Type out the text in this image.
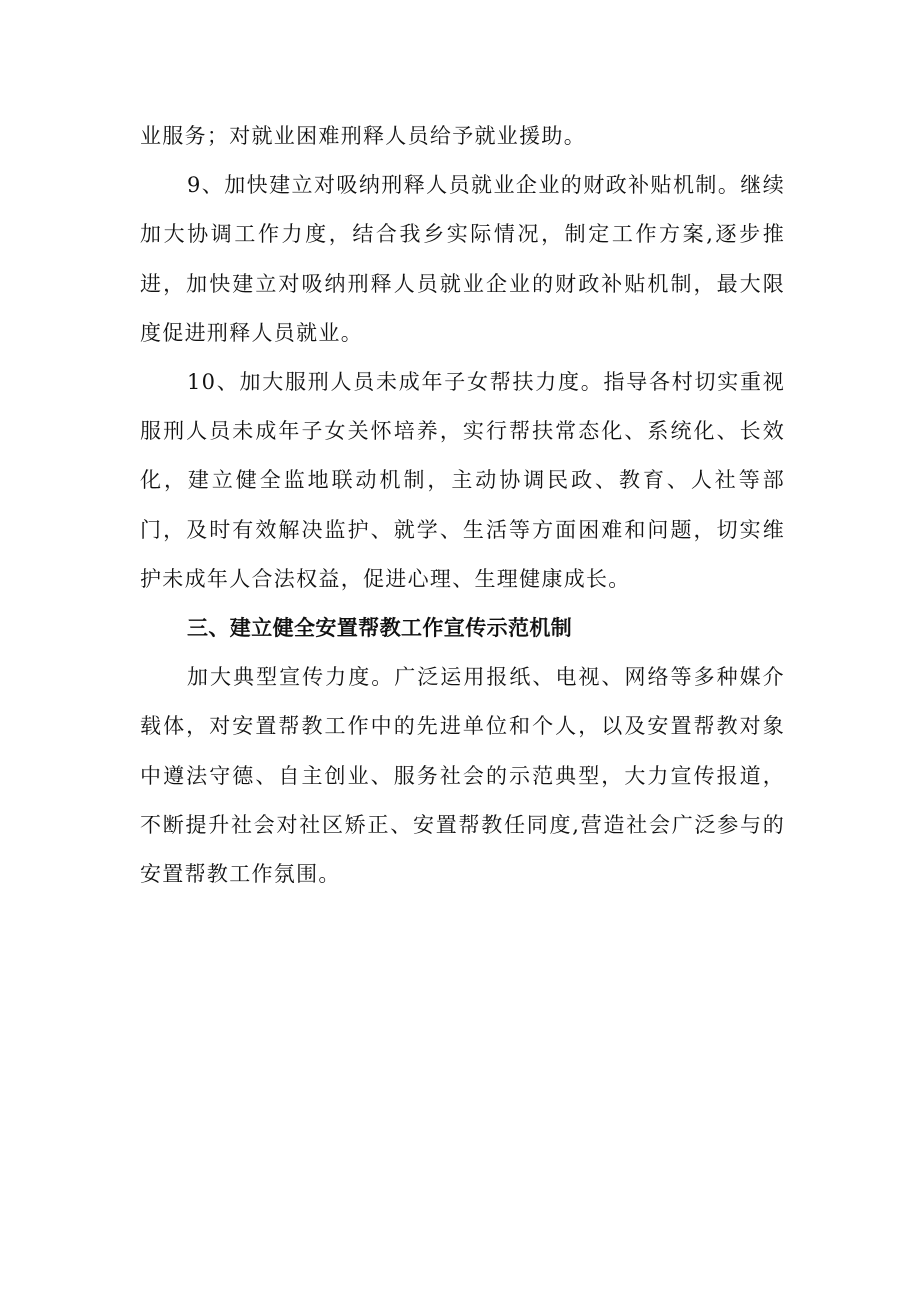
业服务；对就业困难刑释人员给予就业援助。

9、加快建立对吸纳刑释人员就业企业的财政补贴机制。继续加大协调工作力度，结合我乡实际情况，制定工作方案,逐步推进，加快建立对吸纳刑释人员就业企业的财政补贴机制，最大限度促进刑释人员就业。

10、加大服刑人员未成年子女帮扶力度。指导各村切实重视服刑人员未成年子女关怀培养，实行帮扶常态化、系统化、长效化，建立健全监地联动机制，主动协调民政、教育、人社等部门，及时有效解决监护、就学、生活等方面困难和问题，切实维护未成年人合法权益，促进心理、生理健康成长。

三、建立健全安置帮教工作宣传示范机制

加大典型宣传力度。广泛运用报纸、电视、网络等多种媒介载体，对安置帮教工作中的先进单位和个人，以及安置帮教对象中遵法守德、自主创业、服务社会的示范典型，大力宣传报道，不断提升社会对社区矫正、安置帮教任同度,营造社会广泛参与的安置帮教工作氛围。
